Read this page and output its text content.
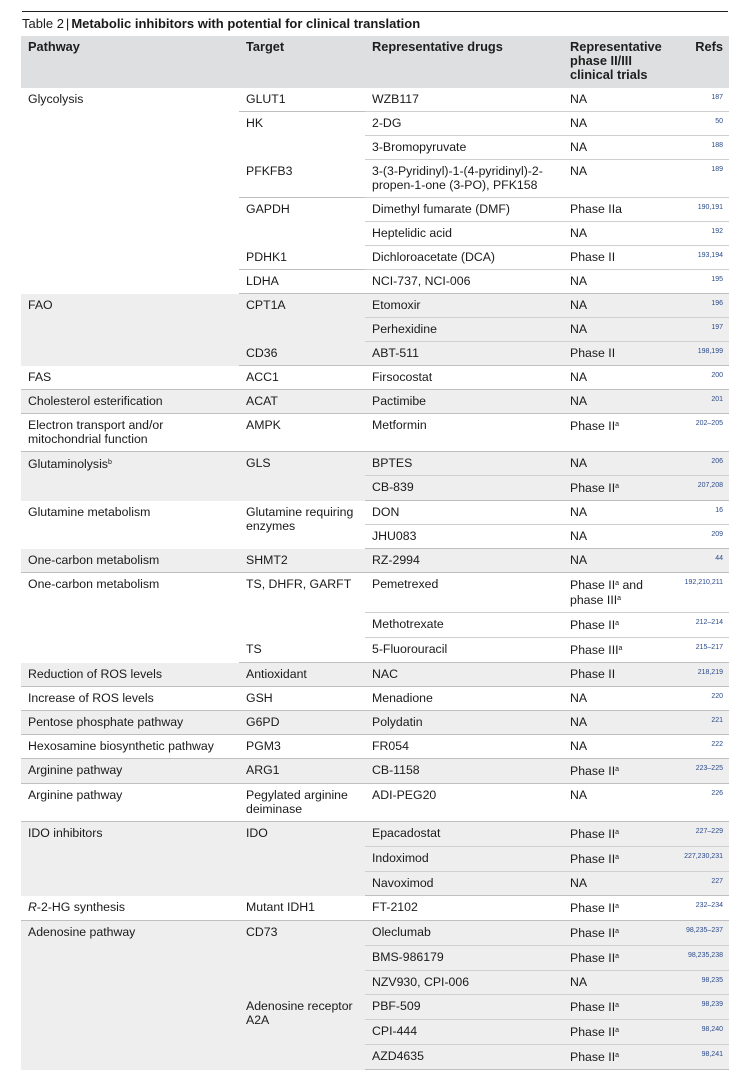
Table 2 | Metabolic inhibitors with potential for clinical translation
Pathway	Target	Representative drugs	Representative phase II/III clinical trials	Refs
Glycolysis	GLUT1	WZB117	NA	187
	HK	2-DG	NA	50
		3-Bromopyruvate	NA	188
	PFKFB3	3-(3-Pyridinyl)-1-(4-pyridinyl)-2-propen-1-one (3-PO), PFK158	NA	189
	GAPDH	Dimethyl fumarate (DMF)	Phase IIa	190,191
		Heptelidic acid	NA	192
	PDHK1	Dichloroacetate (DCA)	Phase II	193,194
	LDHA	NCI-737, NCI-006	NA	195
FAO	CPT1A	Etomoxir	NA	196
		Perhexidine	NA	197
	CD36	ABT-511	Phase II	198,199
FAS	ACC1	Firsocostat	NA	200
Cholesterol esterification	ACAT	Pactimibe	NA	201
Electron transport and/or mitochondrial function	AMPK	Metformin	Phase $II^a$	202–205
Glutaminolysis$^b$	GLS	BPTES	NA	206
		CB-839	Phase $II^a$	207,208
Glutamine metabolism	Glutamine requiring enzymes	DON	NA	16
		JHU083	NA	209
One-carbon metabolism	SHMT2	RZ-2994	NA	44
One-carbon metabolism	TS, DHFR, GARFT	Pemetrexed	Phase $II^a$ and phase III$^a$	192,210,211
		Methotrexate	Phase $II^a$	212–214
	TS	5-Fluorouracil	Phase III$^a$	215–217
Reduction of ROS levels	Antioxidant	NAC	Phase II	218,219
Increase of ROS levels	GSH	Menadione	NA	220
Pentose phosphate pathway	G6PD	Polydatin	NA	221
Hexosamine biosynthetic pathway	PGM3	FR054	NA	222
Arginine pathway	ARG1	CB-1158	Phase $II^a$	223–225
Arginine pathway	Pegylated arginine deiminase	ADI-PEG20	NA	226
IDO inhibitors	IDO	Epacadostat	Phase $II^a$	227–229
		Indoximod	Phase $II^a$	227,230,231
		Navoximod	NA	227
R-2-HG synthesis	Mutant IDH1	FT-2102	Phase $II^a$	232–234
Adenosine pathway	CD73	Oleclumab	Phase $II^a$	98,235–237
		BMS-986179	Phase $II^a$	98,235,238
		NZV930, CPI-006	NA	98,235
	Adenosine receptor A2A	PBF-509	Phase $II^a$	98,239
		CPI-444	Phase $II^a$	98,240
		AZD4635	Phase $II^a$	98,241
